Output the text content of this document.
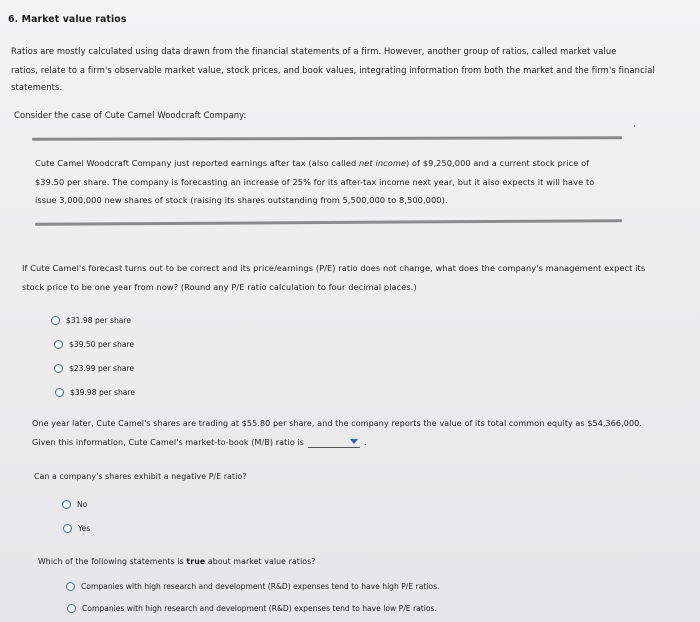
6. Market value ratios
Ratios are mostly calculated using data drawn from the financial statements of a firm. However, another group of ratios, called market value
ratios, relate to a firm's observable market value, stock prices, and book values, integrating information from both the market and the firm's financial
statements.
Consider the case of Cute Camel Woodcraft Company:
·
Cute Camel Woodcraft Company just reported earnings after tax (also called net income) of $9,250,000 and a current stock price of
$39.50 per share. The company is forecasting an increase of 25% for its after-tax income next year, but it also expects it will have to
issue 3,000,000 new shares of stock (raising its shares outstanding from 5,500,000 to 8,500,000).
If Cute Camel's forecast turns out to be correct and its price/earnings (P/E) ratio does not change, what does the company's management expect its
stock price to be one year from now? (Round any P/E ratio calculation to four decimal places.)
$31.98 per share
$39.50 per share
$23.99 per share
$39.98 per share
One year later, Cute Camel's shares are trading at $55.80 per share, and the company reports the value of its total common equity as $54,366,000.
Given this information, Cute Camel's market-to-book (M/B) ratio is	.
Can a company's shares exhibit a negative P/E ratio?
No
Yes
Which of the following statements is true about market value ratios?
Companies with high research and development (R&D) expenses tend to have high P/E ratios.
Companies with high research and development (R&D) expenses tend to have low P/E ratios.
